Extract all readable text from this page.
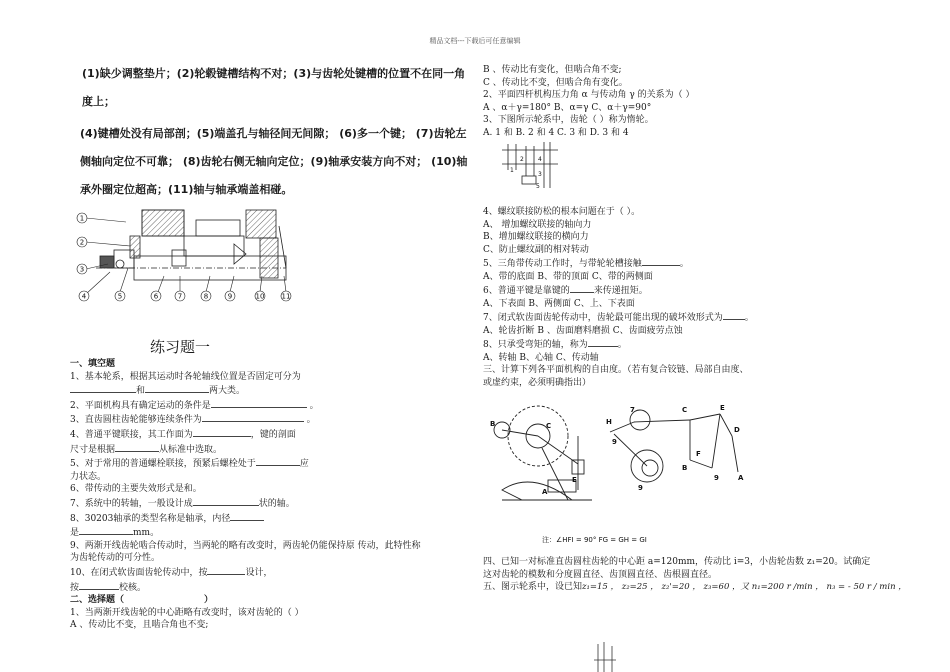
精品文档---下载后可任意编辑

(1)缺少调整垫片；(2)轮毂键槽结构不对；(3)与齿轮处键槽的位置不在同一角

度上；

(4)键槽处没有局部剖；(5)端盖孔与轴径间无间隙； (6)多一个键； (7)齿轮左

侧轴向定位不可靠； (8)齿轮右侧无轴向定位；(9)轴承安装方向不对； (10)轴

承外圈定位超高；(11)轴与轴承端盖相碰。

1
2
3
4	5	6	7	8	9	10 11
练习题一
一、填空题
1、基本轮系，根据其运动时各轮轴线位置是否固定可分为
和	两大类。
2、平面机构具有确定运动的条件是	。
3、直齿圆柱齿轮能够连续条件为	。
4、普通平键联接，其工作面为	，键的剖面
尺寸是根据	从标准中选取。
5、对于常用的普通螺栓联接，预紧后螺栓处于	应
力状态。
6、带传动的主要失效形式是和。
7、系统中的转轴，一般设计成	状的轴。
8、30203轴承的类型名称是轴承，内径
是	mm。
9、两渐开线齿轮啮合传动时，当两轮的略有改变时，两齿轮仍能保持原 传动，此特性称
为齿轮传动的可分性。
10、在闭式软齿面齿轮传动中，按	设计，
按	校核。
二、选择题（	）
1、当两渐开线齿轮的中心距略有改变时，该对齿轮的（ ）
A 、传动比不变，且啮合角也不变;
B 、传动比有变化，但啮合角不变;
C 、传动比不变，但啮合角有变化。
2、平面四杆机构压力角 α 与传动角 γ 的关系为（ ）
A 、α＋γ=180° B、α=γ C、α＋γ=90°
3、下图所示轮系中，齿轮（ ）称为惰轮。
A. 1 和 B. 2 和 4 C. 3 和 D. 3 和 4
2 4
1
3
5
4、螺纹联接防松的根本问题在于（ ）。
A、 增加螺纹联接的轴向力
B、增加螺纹联接的横向力
C、防止螺纹副的相对转动
5、三角带传动工作时，与带轮轮槽接触	。
A、带的底面 B、带的顶面 C、带的两侧面
6、普通平键是靠键的	来传递扭矩。
A、下表面 B、两侧面 C、上、下表面
7、闭式软齿面齿轮传动中，齿轮最可能出现的破坏效形式为 。
A、轮齿折断 B 、齿面磨料磨损 C、齿面疲劳点蚀
8、只承受弯矩的轴，称为	。
A、转轴 B、心轴 C、传动轴
三、计算下列各平面机构的自由度。（若有复合铰链、局部自由度、
或虚约束，必须明确指出）
B	C
E
A
H
7	C	E
D
F
9
9
B
9	A
注：∠HFI = 90° FG = GH = GI
四、已知一对标准直齿圆柱齿轮的中心距 a=120mm，传动比 i=3，小齿轮齿数 z₁=20。试确定
这对齿轮的模数和分度圆直径、齿顶圆直径、齿根圆直径。
五、图示轮系中，设已知z₁=15 ， z₂=25 ， z₂'=20 ， z₃=60 ，又 n₁=200 r /min ， n₃ = - 50 r / min ，
